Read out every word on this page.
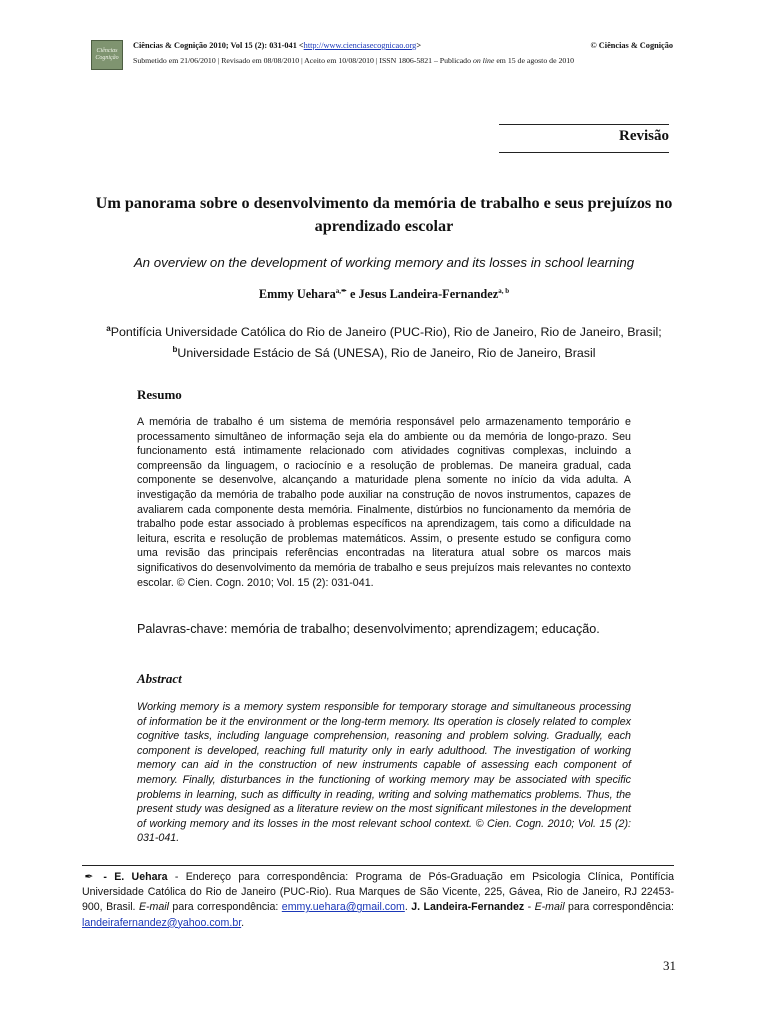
Ciências
Cognição
Ciências & Cognição 2010; Vol 15 (2): 031-041 <http://www.cienciasecognicao.org>	© Ciências & Cognição
Submetido em 21/06/2010 | Revisado em 08/08/2010 | Aceito em 10/08/2010 | ISSN 1806-5821 – Publicado on line em 15 de agosto de 2010
Revisão
Um panorama sobre o desenvolvimento da memória de trabalho e seus prejuízos no aprendizado escolar
An overview on the development of working memory and its losses in school learning
Emmy Uehara$^{a,✒}$ e Jesus Landeira-Fernandez$^{a, b}$
$^a$Pontifícia Universidade Católica do Rio de Janeiro (PUC-Rio), Rio de Janeiro, Rio de Janeiro, Brasil; $^b$Universidade Estácio de Sá (UNESA), Rio de Janeiro, Rio de Janeiro, Brasil
Resumo
A memória de trabalho é um sistema de memória responsável pelo armazenamento temporário e processamento simultâneo de informação seja ela do ambiente ou da memória de longo-prazo. Seu funcionamento está intimamente relacionado com atividades cognitivas complexas, incluindo a compreensão da linguagem, o raciocínio e a resolução de problemas. De maneira gradual, cada componente se desenvolve, alcançando a maturidade plena somente no início da vida adulta. A investigação da memória de trabalho pode auxiliar na construção de novos instrumentos, capazes de avaliarem cada componente desta memória. Finalmente, distúrbios no funcionamento da memória de trabalho pode estar associado à problemas específicos na aprendizagem, tais como a dificuldade na leitura, escrita e resolução de problemas matemáticos. Assim, o presente estudo se configura como uma revisão das principais referências encontradas na literatura atual sobre os marcos mais significativos do desenvolvimento da memória de trabalho e seus prejuízos mais relevantes no contexto escolar. © Cien. Cogn. 2010; Vol. 15 (2): 031-041.
Palavras-chave: memória de trabalho; desenvolvimento; aprendizagem; educação.
Abstract
Working memory is a memory system responsible for temporary storage and simultaneous processing of information be it the environment or the long-term memory. Its operation is closely related to complex cognitive tasks, including language comprehension, reasoning and problem solving. Gradually, each component is developed, reaching full maturity only in early adulthood. The investigation of working memory can aid in the construction of new instruments capable of assessing each component of memory. Finally, disturbances in the functioning of working memory may be associated with specific problems in learning, such as difficulty in reading, writing and solving mathematics problems. Thus, the present study was designed as a literature review on the most significant milestones in the development of working memory and its losses in the most relevant school context. © Cien. Cogn. 2010; Vol. 15 (2): 031-041.
✒ - E. Uehara - Endereço para correspondência: Programa de Pós-Graduação em Psicologia Clínica, Pontifícia Universidade Católica do Rio de Janeiro (PUC-Rio). Rua Marques de São Vicente, 225, Gávea, Rio de Janeiro, RJ 22453-900, Brasil. E-mail para correspondência: emmy.uehara@gmail.com. J. Landeira-Fernandez - E-mail para correspondência: landeirafernandez@yahoo.com.br.
31
